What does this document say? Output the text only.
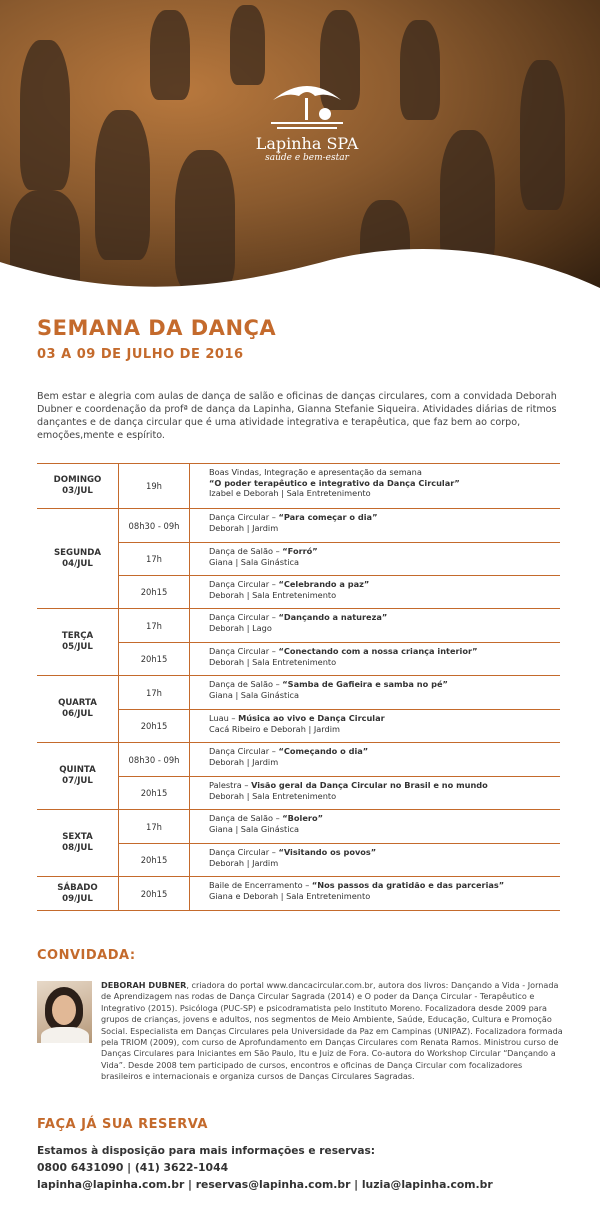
Lapinha SPA
saúde e bem-estar
SEMANA DA DANÇA
03 A 09 DE JULHO DE 2016

Bem estar e alegria com aulas de dança de salão e oficinas de danças circulares, com a convidada Deborah Dubner e coordenação da profª de dança da Lapinha, Gianna Stefanie Siqueira. Atividades diárias de ritmos dançantes e de dança circular que é uma atividade integrativa e terapêutica, que faz bem ao corpo, emoções,mente e espírito.

DOMINGO
03/JUL	19h
Boas Vindas, Integração e apresentação da semana
“O poder terapêutico e integrativo da Dança Circular”
Izabel e Deborah | Sala Entretenimento
SEGUNDA
04/JUL
08h30 - 09h
Dança Circular – “Para começar o dia”
Deborah | Jardim
17h
Dança de Salão – “Forró”
Giana | Sala Ginástica
20h15
Dança Circular – “Celebrando a paz”
Deborah | Sala Entretenimento
TERÇA
05/JUL
17h
Dança Circular – “Dançando a natureza”
Deborah | Lago
20h15
Dança Circular – “Conectando com a nossa criança interior”
Deborah | Sala Entretenimento
QUARTA
06/JUL
17h
Dança de Salão – “Samba de Gafieira e samba no pé”
Giana | Sala Ginástica
20h15
Luau – Música ao vivo e Dança Circular
Cacá Ribeiro e Deborah | Jardim
QUINTA
07/JUL
08h30 - 09h
Dança Circular – “Começando o dia”
Deborah | Jardim
20h15
Palestra – Visão geral da Dança Circular no Brasil e no mundo
Deborah | Sala Entretenimento
SEXTA
08/JUL
17h
Dança de Salão – “Bolero”
Giana | Sala Ginástica
20h15
Dança Circular – “Visitando os povos”
Deborah | Jardim
SÁBADO
09/JUL	20h15
Baile de Encerramento – “Nos passos da gratidão e das parcerias”
Giana e Deborah | Sala Entretenimento
CONVIDADA:

DEBORAH DUBNER, criadora do portal www.dancacircular.com.br, autora dos livros: Dançando a Vida - Jornada de Aprendizagem nas rodas de Dança Circular Sagrada (2014) e O poder da Dança Circular - Terapêutico e Integrativo (2015). Psicóloga (PUC-SP) e psicodramatista pelo Instituto Moreno. Focalizadora desde 2009 para grupos de crianças, jovens e adultos, nos segmentos de Meio Ambiente, Saúde, Educação, Cultura e Promoção Social. Especialista em Danças Circulares pela Universidade da Paz em Campinas (UNIPAZ). Focalizadora formada pela TRIOM (2009), com curso de Aprofundamento em Danças Circulares com Renata Ramos. Ministrou curso de Danças Circulares para Iniciantes em São Paulo, Itu e Juiz de Fora. Co-autora do Workshop Circular “Dançando a Vida”. Desde 2008 tem participado de cursos, encontros e oficinas de Dança Circular com focalizadores brasileiros e internacionais e organiza cursos de Danças Circulares Sagradas.

FAÇA JÁ SUA RESERVA
Estamos à disposição para mais informações e reservas:
0800 6431090 | (41) 3622-1044
lapinha@lapinha.com.br | reservas@lapinha.com.br | luzia@lapinha.com.br
